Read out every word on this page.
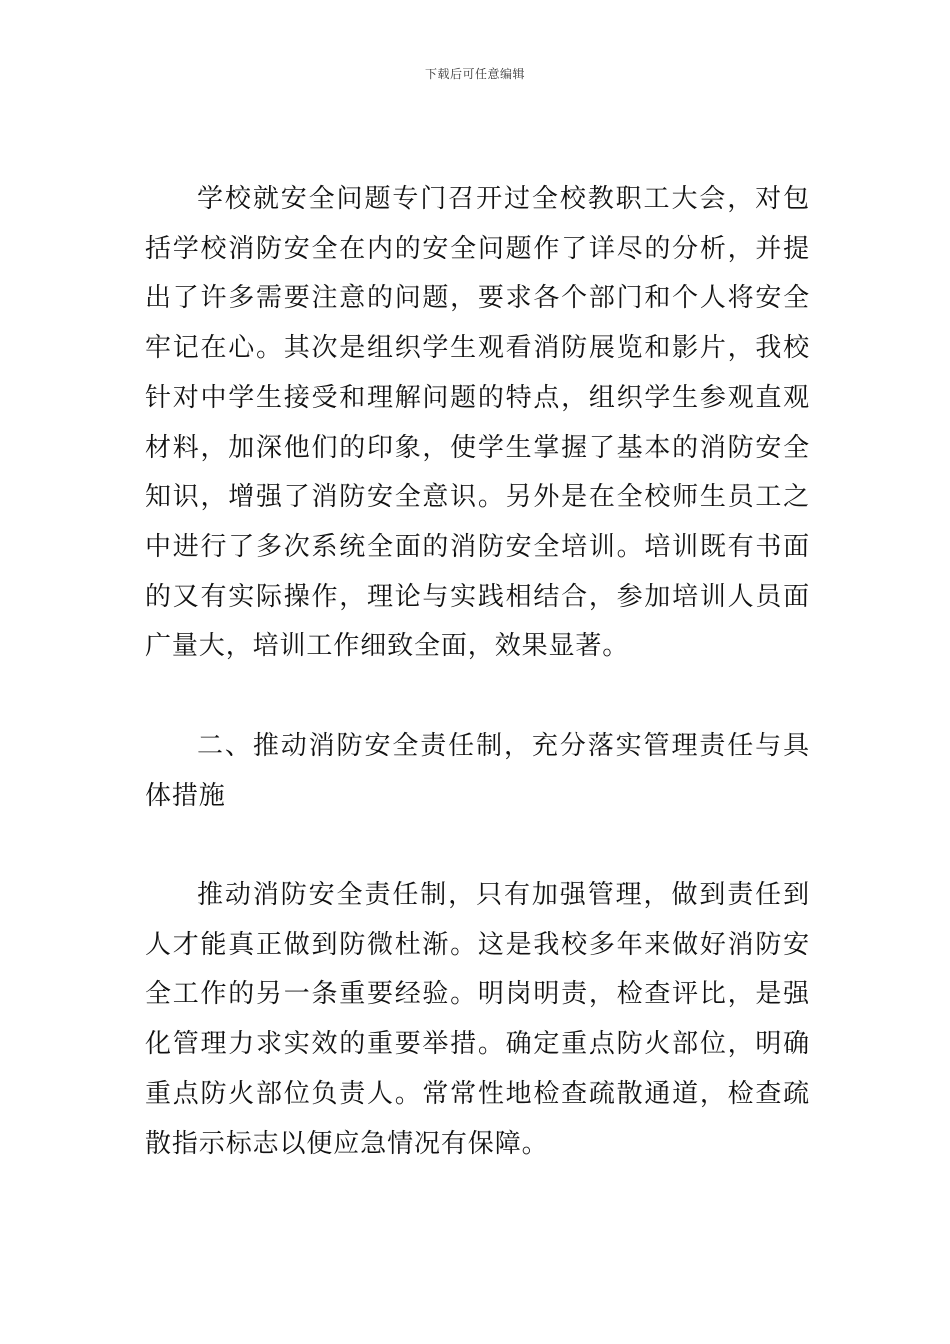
下载后可任意编辑

学校就安全问题专门召开过全校教职工大会，对包括学校消防安全在内的安全问题作了详尽的分析，并提出了许多需要注意的问题，要求各个部门和个人将安全牢记在心。其次是组织学生观看消防展览和影片，我校针对中学生接受和理解问题的特点，组织学生参观直观材料，加深他们的印象，使学生掌握了基本的消防安全知识，增强了消防安全意识。另外是在全校师生员工之中进行了多次系统全面的消防安全培训。培训既有书面的又有实际操作，理论与实践相结合，参加培训人员面广量大，培训工作细致全面，效果显著。

二、推动消防安全责任制，充分落实管理责任与具体措施

推动消防安全责任制，只有加强管理，做到责任到人才能真正做到防微杜渐。这是我校多年来做好消防安全工作的另一条重要经验。明岗明责，检查评比，是强化管理力求实效的重要举措。确定重点防火部位，明确重点防火部位负责人。常常性地检查疏散通道，检查疏散指示标志以便应急情况有保障。
